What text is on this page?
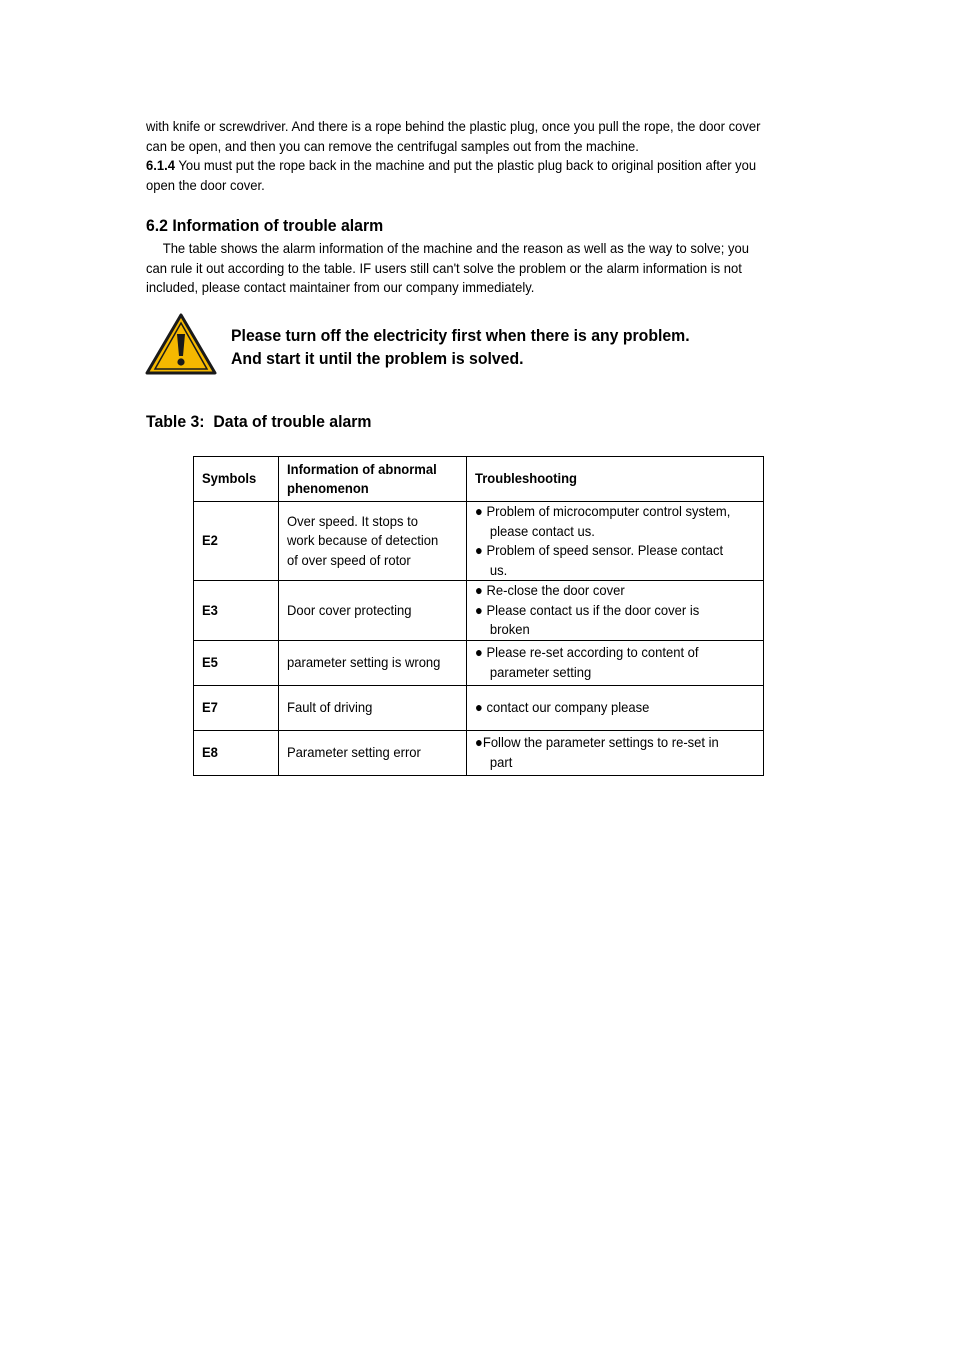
with knife or screwdriver. And there is a rope behind the plastic plug, once you pull the rope, the door cover
can be open, and then you can remove the centrifugal samples out from the machine.
6.1.4 You must put the rope back in the machine and put the plastic plug back to original position after you open the door cover.
6.2 Information of trouble alarm
The table shows the alarm information of the machine and the reason as well as the way to solve; you can rule it out according to the table. IF users still can't solve the problem or the alarm information is not included, please contact maintainer from our company immediately.
Please turn off the electricity first when there is any problem.
And start it until the problem is solved.
Table 3:  Data of trouble alarm
Symbols	Information of abnormal phenomenon	Troubleshooting

E2	Over speed. It stops to work because of detection of over speed of rotor	● Problem of microcomputer control system, please contact us.

● Problem of speed sensor. Please contact us.

E3	Door cover protecting	● Re-close the door cover

● Please contact us if the door cover is broken

E5	parameter setting is wrong	● Please re-set according to content of parameter setting

E7	Fault of driving	● contact our company please

E8	Parameter setting error	●Follow the parameter settings to re-set in part
